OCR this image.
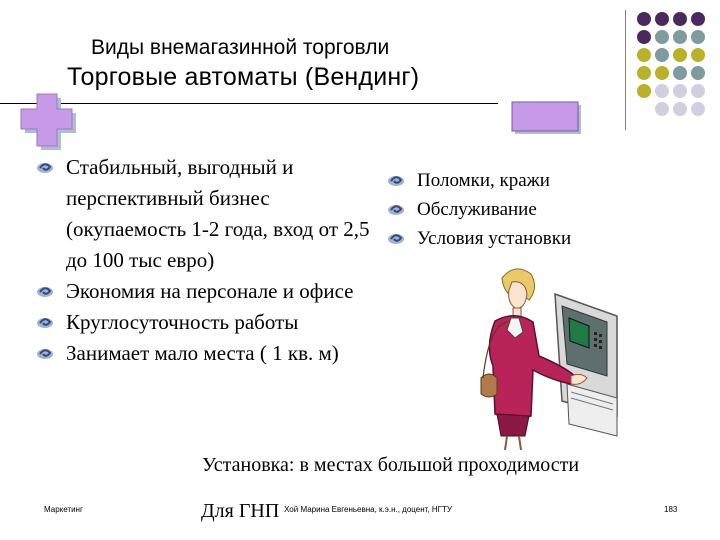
Виды внемагазинной торговли
Торговые автоматы (Вендинг)
Стабильный, выгодный и перспективный бизнес (окупаемость 1-2 года, вход от 2,5 до 100 тыс евро)
Экономия на персонале и офисе
Круглосуточность работы
Занимает мало места ( 1 кв. м)
Поломки, кражи
Обслуживание
Условия установки
Установка: в местах большой проходимости
Для ГНП
Маркетинг	Хой Марина Евгеньевна, к.э.н., доцент, НГТУ	183
